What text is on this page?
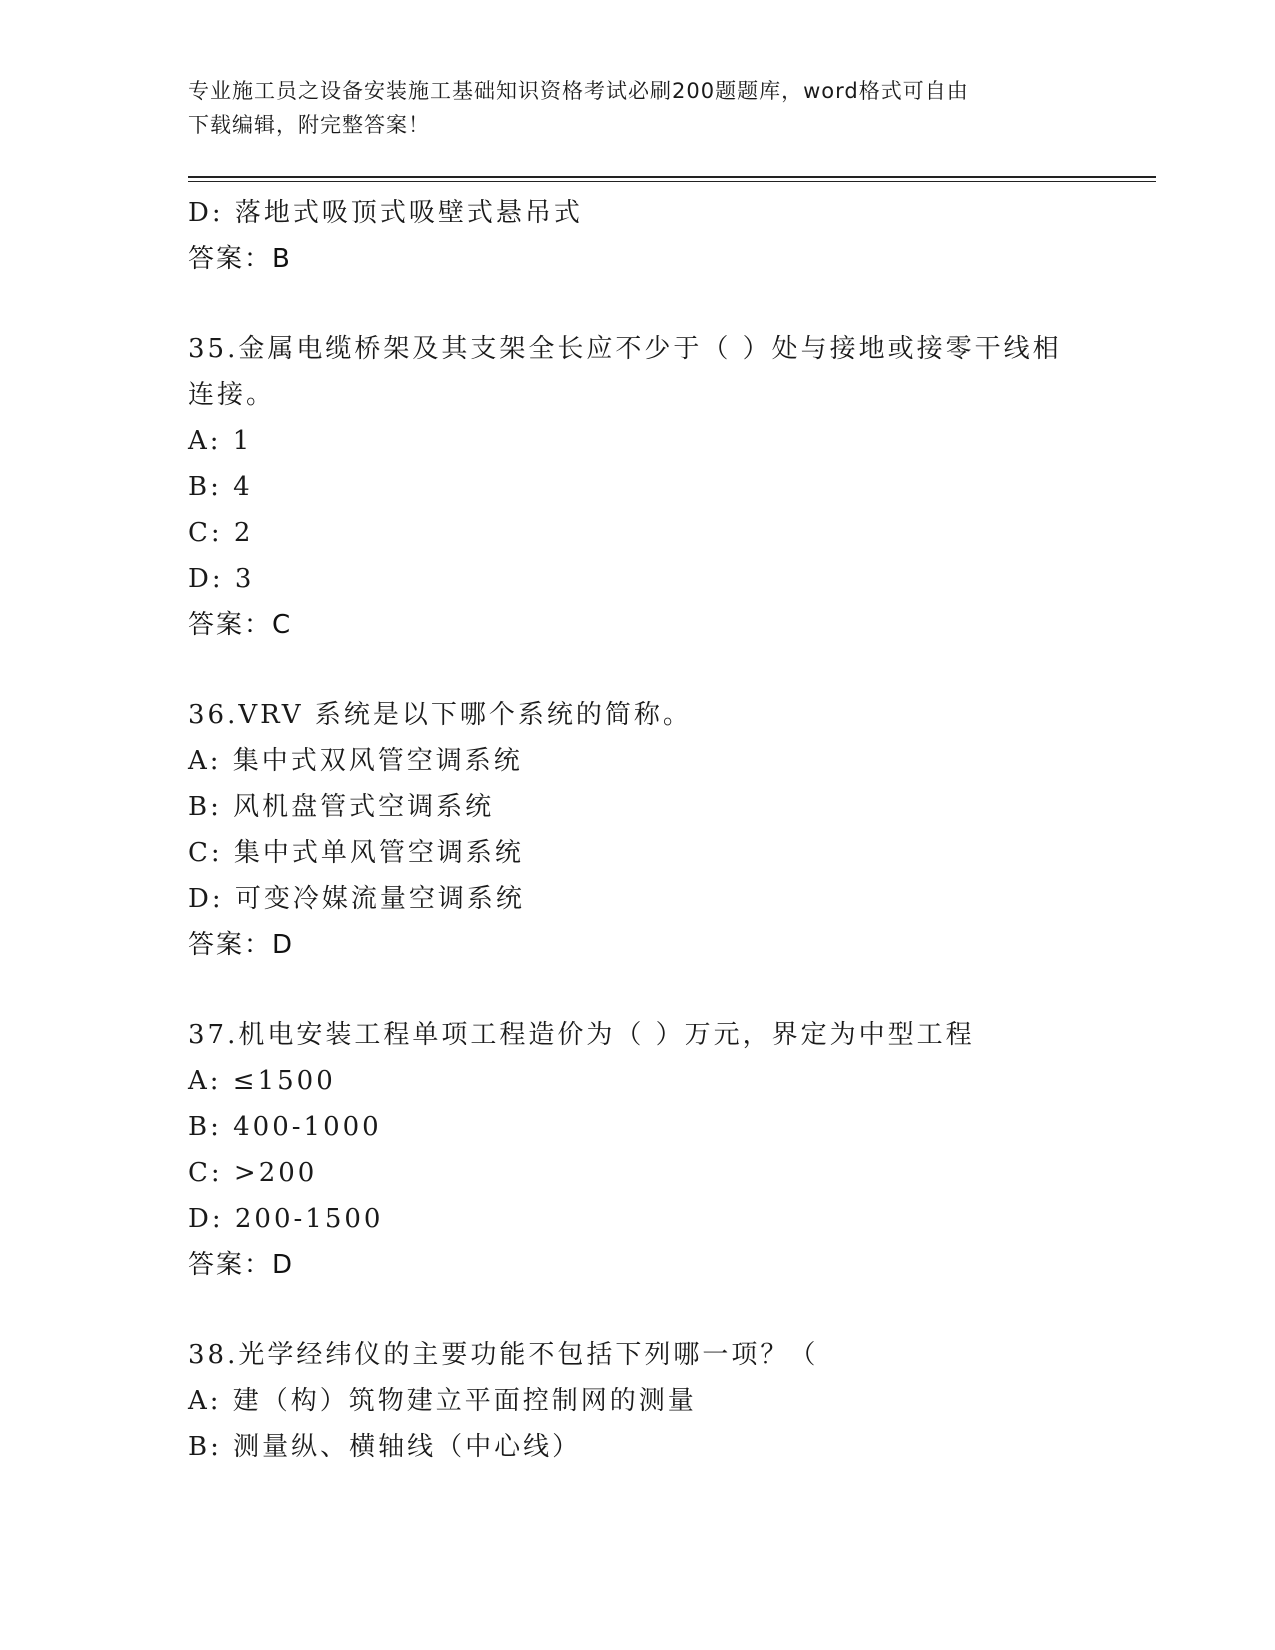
专业施工员之设备安装施工基础知识资格考试必刷200题题库，word格式可自由
下载编辑，附完整答案！
D: 落地式吸顶式吸壁式悬吊式
答案：B
35.金属电缆桥架及其支架全长应不少于（ ）处与接地或接零干线相
连接。
A: 1
B: 4
C: 2
D: 3
答案：C
36.VRV 系统是以下哪个系统的简称。
A: 集中式双风管空调系统
B: 风机盘管式空调系统
C: 集中式单风管空调系统
D: 可变冷媒流量空调系统
答案：D
37.机电安装工程单项工程造价为（ ）万元，界定为中型工程
A: ≤1500
B: 400-1000
C: >200
D: 200-1500
答案：D
38.光学经纬仪的主要功能不包括下列哪一项？（
A: 建（构）筑物建立平面控制网的测量
B: 测量纵、横轴线（中心线）
